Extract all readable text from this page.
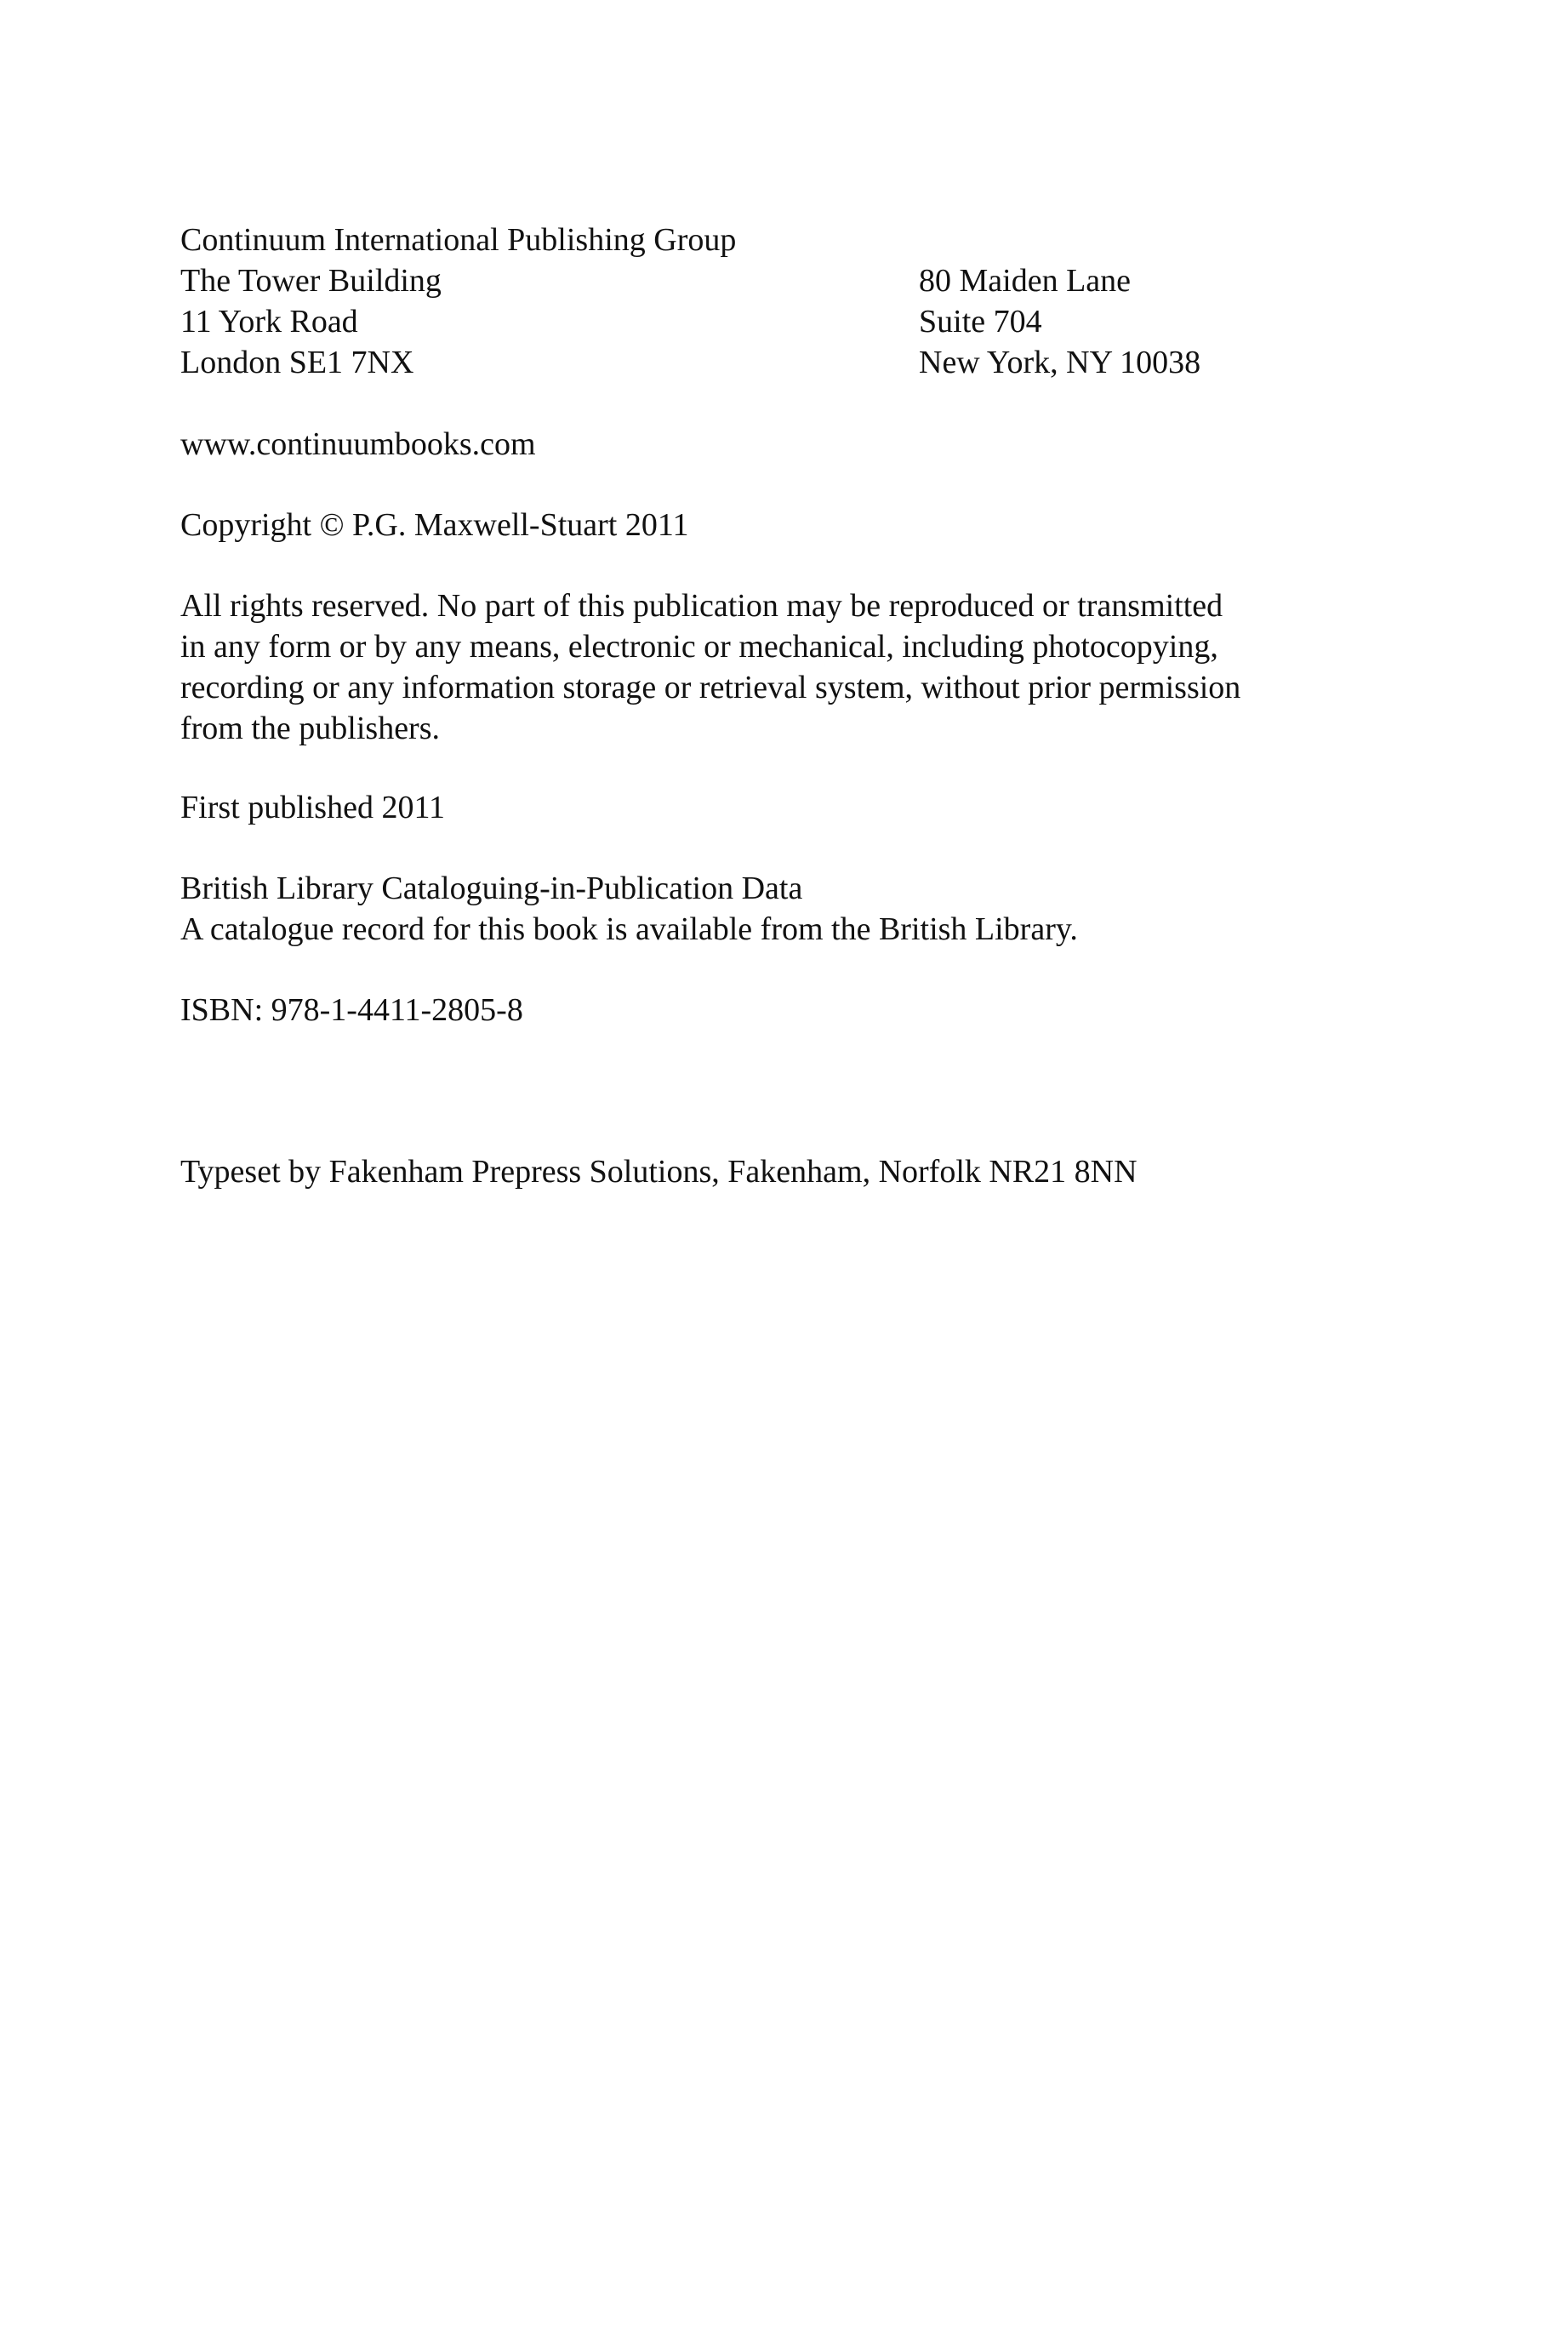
Continuum International Publishing Group
The Tower Building
11 York Road
London SE1 7NX
80 Maiden Lane
Suite 704
New York, NY 10038
www.continuumbooks.com
Copyright © P.G. Maxwell-Stuart 2011
All rights reserved. No part of this publication may be reproduced or transmitted
in any form or by any means, electronic or mechanical, including photocopying,
recording or any information storage or retrieval system, without prior permission
from the publishers.
First published 2011
British Library Cataloguing-in-Publication Data
A catalogue record for this book is available from the British Library.
ISBN: 978-1-4411-2805-8
Typeset by Fakenham Prepress Solutions, Fakenham, Norfolk NR21 8NN
